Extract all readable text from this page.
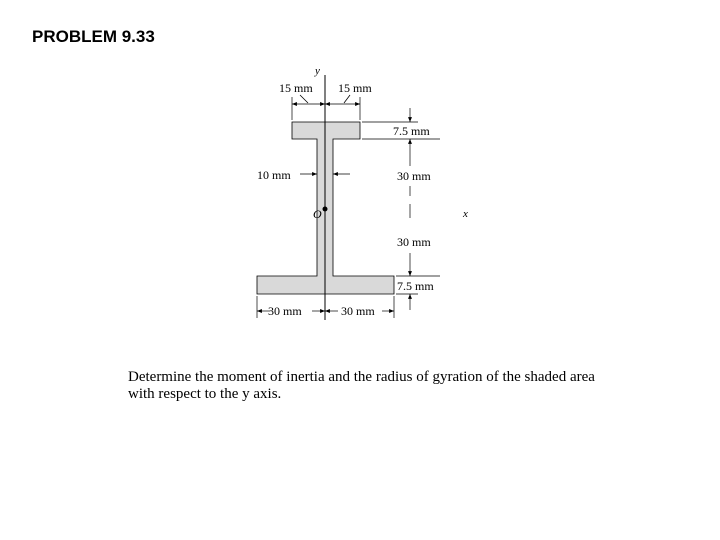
PROBLEM 9.33
y
x
O
15 mm 15 mm
10 mm
7.5 mm
30 mm
30 mm
7.5 mm
30 mm	30 mm

Determine the moment of inertia and the radius of gyration of the shaded area with respect to the y axis.
